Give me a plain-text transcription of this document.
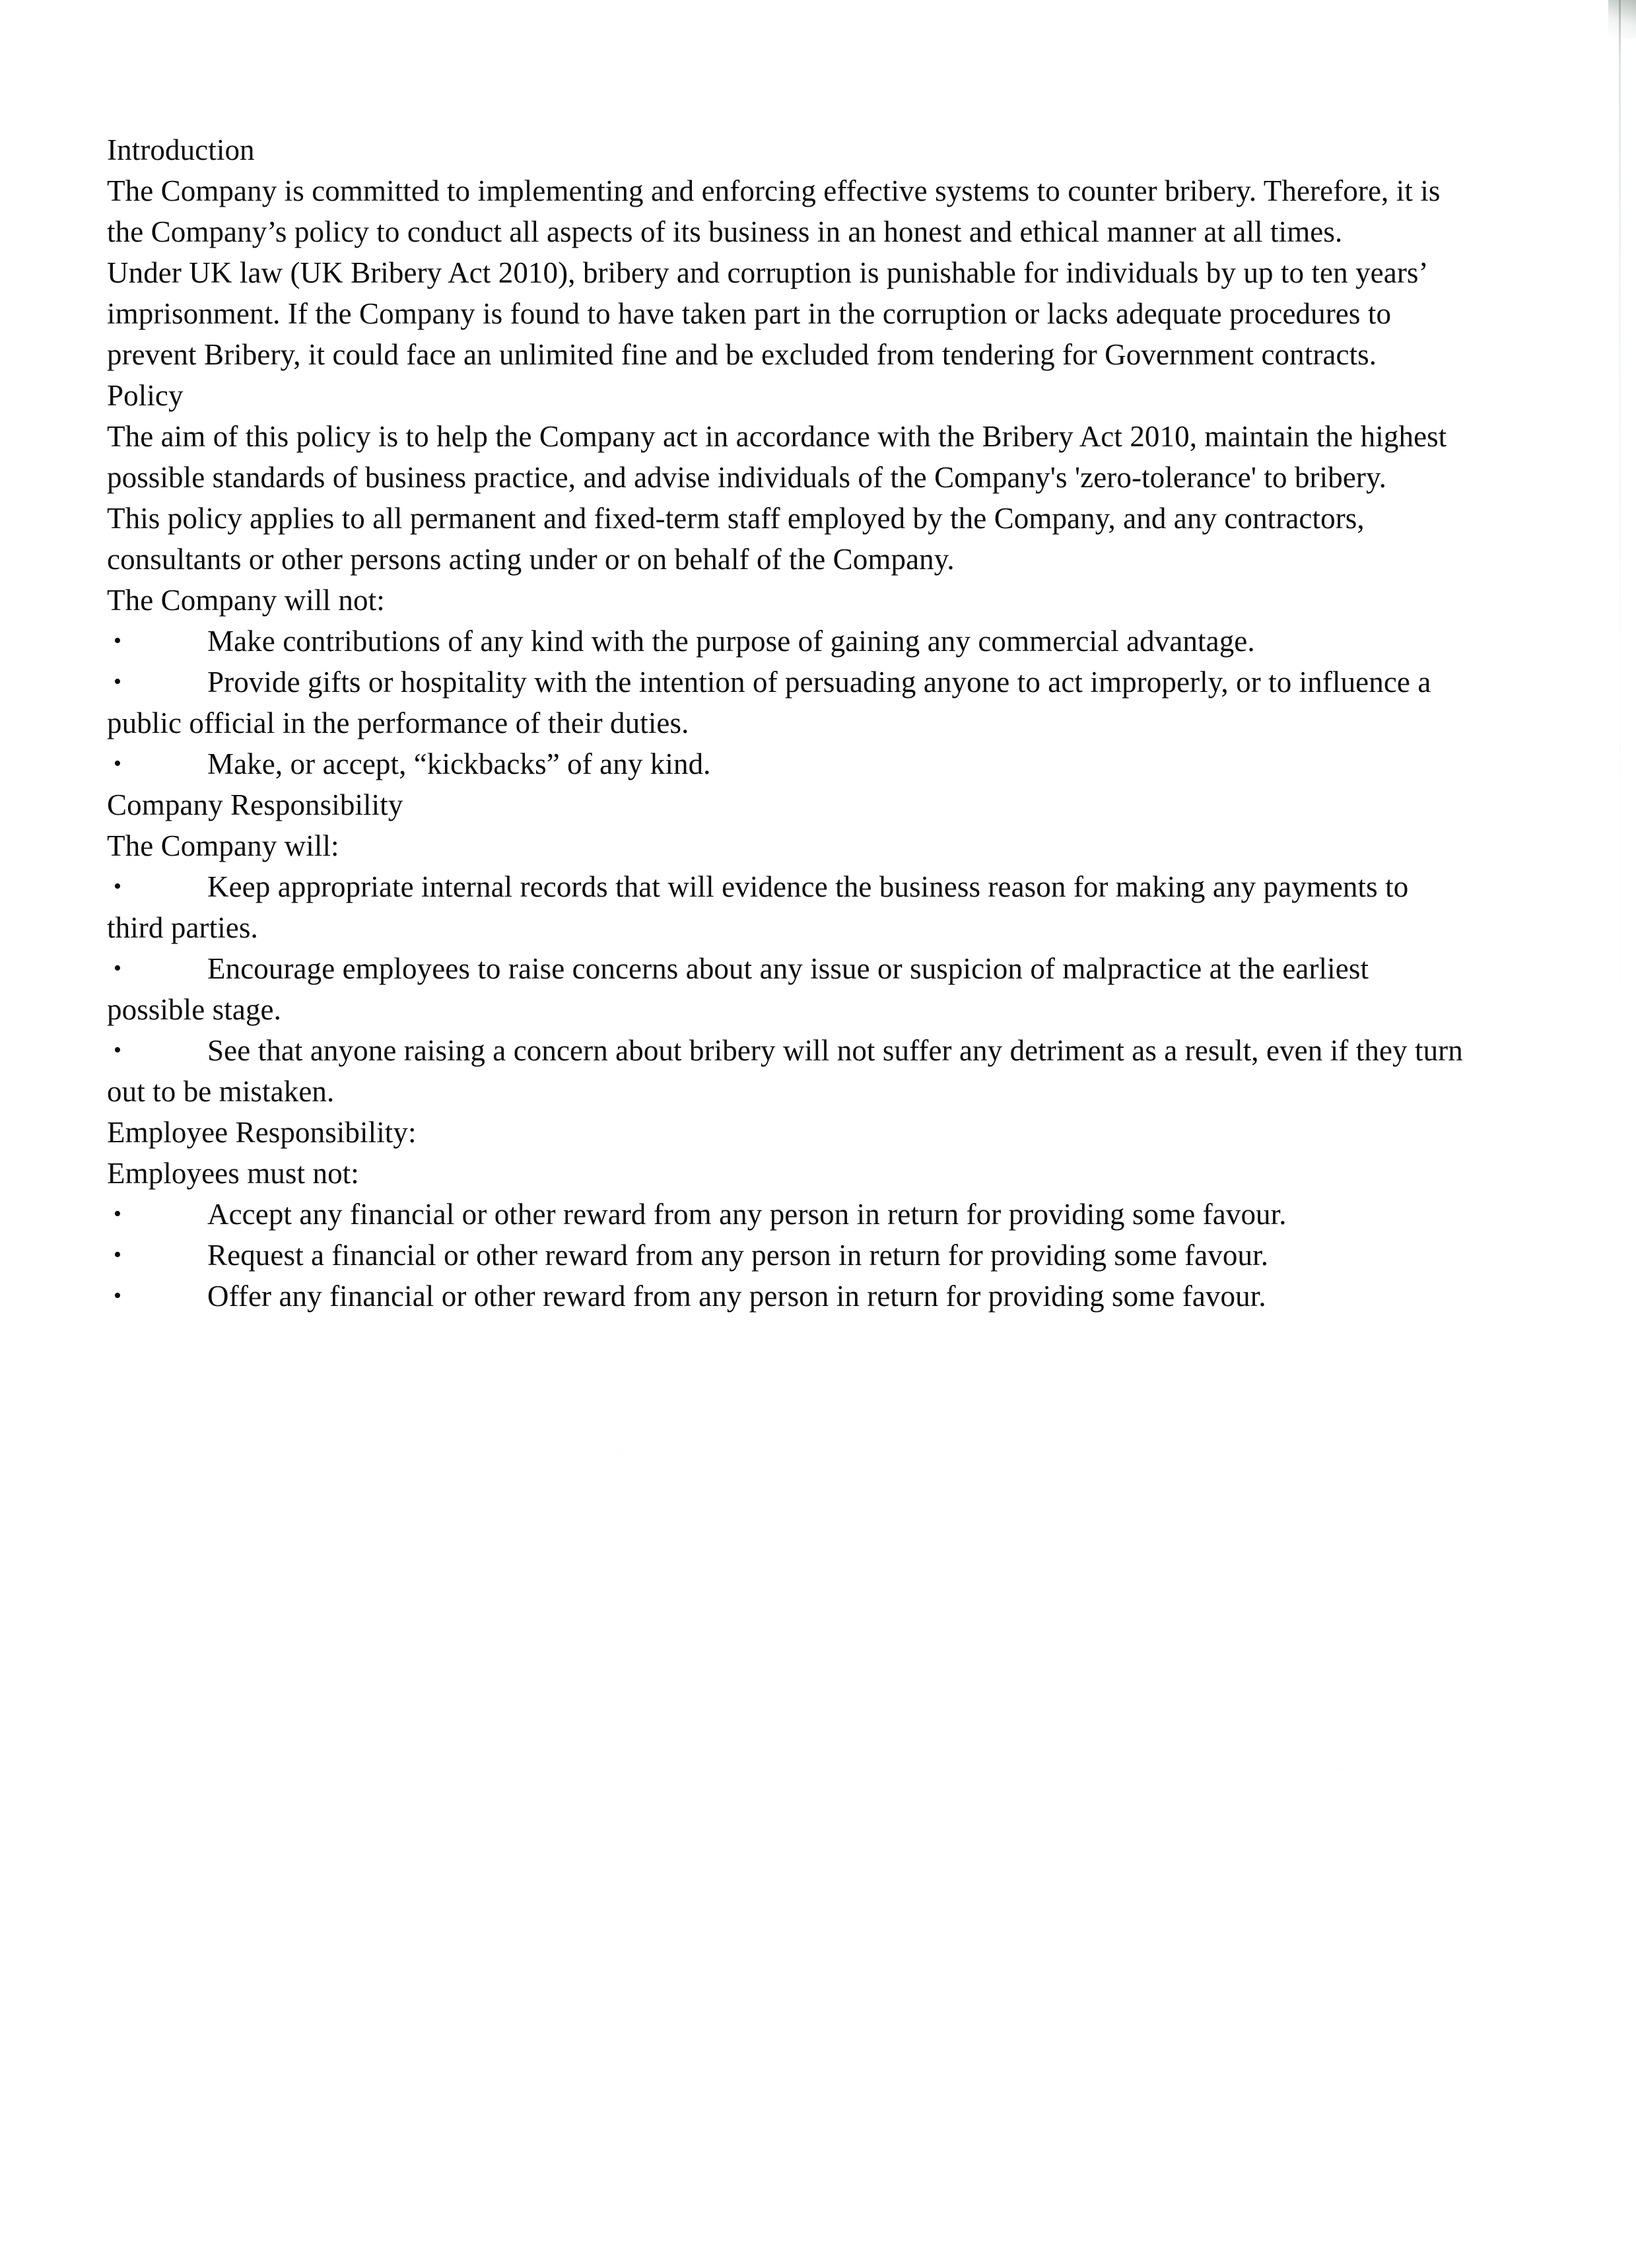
Introduction
The Company is committed to implementing and enforcing effective systems to counter bribery. Therefore, it is the Company’s policy to conduct all aspects of its business in an honest and ethical manner at all times.
Under UK law (UK Bribery Act 2010), bribery and corruption is punishable for individuals by up to ten years’ imprisonment. If the Company is found to have taken part in the corruption or lacks adequate procedures to prevent Bribery, it could face an unlimited fine and be excluded from tendering for Government contracts.
Policy
The aim of this policy is to help the Company act in accordance with the Bribery Act 2010, maintain the highest possible standards of business practice, and advise individuals of the Company's 'zero-tolerance' to bribery.
This policy applies to all permanent and fixed-term staff employed by the Company, and any contractors, consultants or other persons acting under or on behalf of the Company.
The Company will not:
•	Make contributions of any kind with the purpose of gaining any commercial advantage.
•	Provide gifts or hospitality with the intention of persuading anyone to act improperly, or to influence a public official in the performance of their duties.
•	Make, or accept, “kickbacks” of any kind.
Company Responsibility
The Company will:
•	Keep appropriate internal records that will evidence the business reason for making any payments to third parties.
•	Encourage employees to raise concerns about any issue or suspicion of malpractice at the earliest possible stage.
•	See that anyone raising a concern about bribery will not suffer any detriment as a result, even if they turn out to be mistaken.
Employee Responsibility:
Employees must not:
•	Accept any financial or other reward from any person in return for providing some favour.
•	Request a financial or other reward from any person in return for providing some favour.
•	Offer any financial or other reward from any person in return for providing some favour.
